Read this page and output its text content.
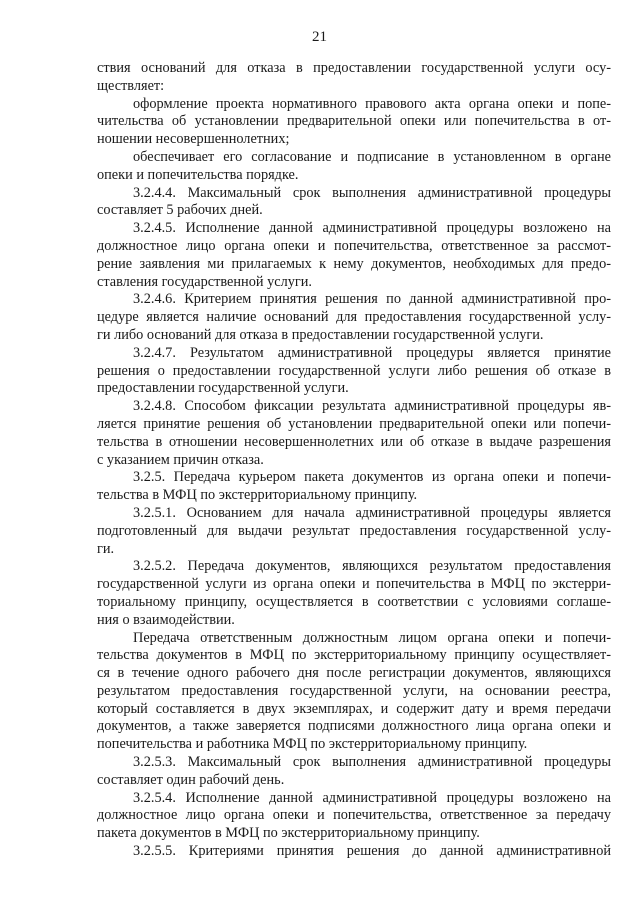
21
ствия оснований для отказа в предоставлении государственной услуги осу-
ществляет:
оформление проекта нормативного правового акта органа опеки и попе-
чительства об установлении предварительной опеки или попечительства в от-
ношении несовершеннолетних;
обеспечивает его согласование и подписание в установленном в органе
опеки и попечительства порядке.
3.2.4.4. Максимальный срок выполнения административной процедуры
составляет 5 рабочих дней.
3.2.4.5. Исполнение данной административной процедуры возложено на
должностное лицо органа опеки и попечительства, ответственное за рассмот-
рение заявления ми прилагаемых к нему документов, необходимых для предо-
ставления государственной услуги.
3.2.4.6. Критерием принятия решения по данной административной про-
цедуре является наличие оснований для предоставления государственной услу-
ги либо оснований для отказа в предоставлении государственной услуги.
3.2.4.7. Результатом административной процедуры является принятие
решения о предоставлении государственной услуги либо решения об отказе в
предоставлении государственной услуги.
3.2.4.8. Способом фиксации результата административной процедуры яв-
ляется принятие решения об установлении предварительной опеки или попечи-
тельства в отношении несовершеннолетних или об отказе в выдаче разрешения
с указанием причин отказа.
3.2.5. Передача курьером пакета документов из органа опеки и попечи-
тельства в МФЦ по экстерриториальному принципу.
3.2.5.1. Основанием для начала административной процедуры является
подготовленный для выдачи результат предоставления государственной услу-
ги.
3.2.5.2. Передача документов, являющихся результатом предоставления
государственной услуги из органа опеки и попечительства в МФЦ по экстерри-
ториальному принципу, осуществляется в соответствии с условиями соглаше-
ния о взаимодействии.
Передача ответственным должностным лицом органа опеки и попечи-
тельства документов в МФЦ по экстерриториальному принципу осуществляет-
ся в течение одного рабочего дня после регистрации документов, являющихся
результатом предоставления государственной услуги, на основании реестра,
который составляется в двух экземплярах, и содержит дату и время передачи
документов, а также заверяется подписями должностного лица органа опеки и
попечительства и работника МФЦ по экстерриториальному принципу.
3.2.5.3. Максимальный срок выполнения административной процедуры
составляет один рабочий день.
3.2.5.4. Исполнение данной административной процедуры возложено на
должностное лицо органа опеки и попечительства, ответственное за передачу
пакета документов в МФЦ по экстерриториальному принципу.
3.2.5.5. Критериями принятия решения до данной административной
